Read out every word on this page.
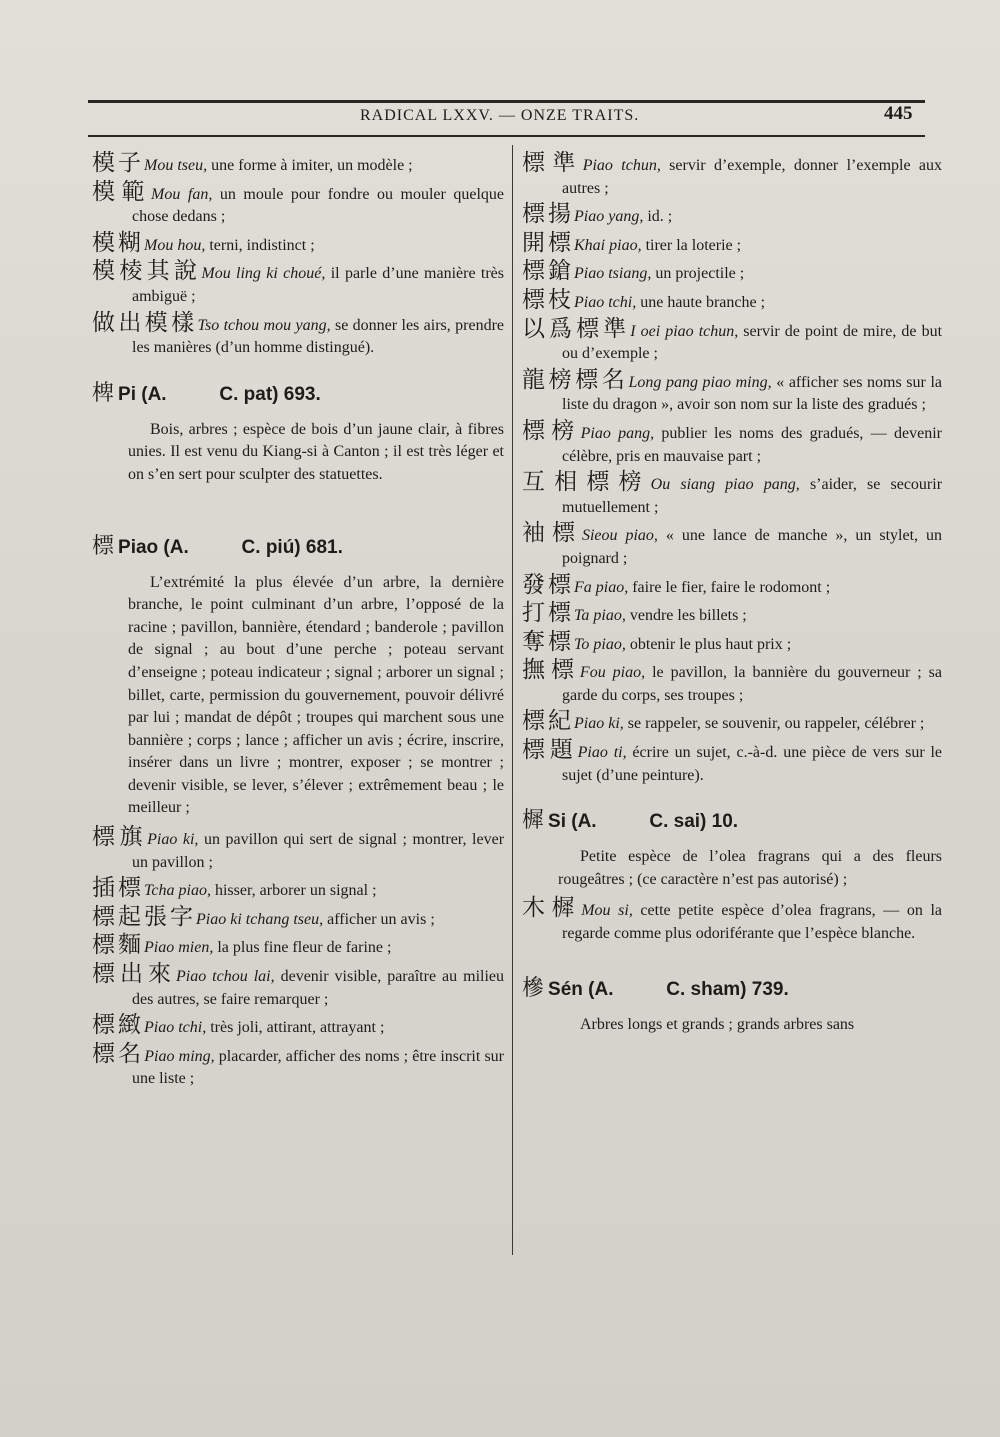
RADICAL LXXV. — ONZE TRAITS.	445
模子Mou tseu, une forme à imiter, un modèle ;
模範Mou fan, un moule pour fondre ou mouler quelque chose dedans ;
模糊Mou hou, terni, indistinct ;
模棱其說Mou ling ki choué, il parle d’une manière très ambiguë ;
做出模樣Tso tchou mou yang, se donner les airs, prendre les manières (d’un homme distingué).
椑 Pi (A.          C. pat) 693.
Bois, arbres ; espèce de bois d’un jaune clair, à fibres unies. Il est venu du Kiang-si à Canton ; il est très léger et on s’en sert pour sculpter des statuettes.
標 Piao (A.          C. piú) 681.
L’extrémité la plus élevée d’un arbre, la dernière branche, le point culminant d’un arbre, l’opposé de la racine ; pavillon, bannière, étendard ; banderole ; pavillon de signal ; au bout d’une perche ; poteau servant d’enseigne ; poteau indicateur ; signal ; arborer un signal ; billet, carte, permission du gouvernement, pouvoir délivré par lui ; mandat de dépôt ; troupes qui marchent sous une bannière ; corps ; lance ; afficher un avis ; écrire, inscrire, insérer dans un livre ; montrer, exposer ; se montrer ; devenir visible, se lever, s’élever ; extrêmement beau ; le meilleur ;
標旗Piao ki, un pavillon qui sert de signal ; montrer, lever un pavillon ;
插標Tcha piao, hisser, arborer un signal ;
標起張字Piao ki tchang tseu, afficher un avis ;
標麵Piao mien, la plus fine fleur de farine ;
標出來Piao tchou lai, devenir visible, paraître au milieu des autres, se faire remarquer ;
標緻Piao tchi, très joli, attirant, attrayant ;
標名Piao ming, placarder, afficher des noms ; être inscrit sur une liste ;
標準Piao tchun, servir d’exemple, donner l’exemple aux autres ;
標揚Piao yang, id. ;
開標Khai piao, tirer la loterie ;
標鎗Piao tsiang, un projectile ;
標枝Piao tchi, une haute branche ;
以爲標準I oei piao tchun, servir de point de mire, de but ou d’exemple ;
龍榜標名Long pang piao ming, « afficher ses noms sur la liste du dragon », avoir son nom sur la liste des gradués ;
標榜Piao pang, publier les noms des gradués, — devenir célèbre, pris en mauvaise part ;
互相標榜Ou siang piao pang, s’aider, se secourir mutuellement ;
袖標Sieou piao, « une lance de manche », un stylet, un poignard ;
發標Fa piao, faire le fier, faire le rodomont ;
打標Ta piao, vendre les billets ;
奪標To piao, obtenir le plus haut prix ;
撫標Fou piao, le pavillon, la bannière du gouverneur ; sa garde du corps, ses troupes ;
標紀Piao ki, se rappeler, se souvenir, ou rappeler, célébrer ;
標題Piao ti, écrire un sujet, c.-à-d. une pièce de vers sur le sujet (d’une peinture).
樨 Si (A.          C. sai) 10.
Petite espèce de l’olea fragrans qui a des fleurs rougeâtres ; (ce caractère n’est pas autorisé) ;
木樨Mou si, cette petite espèce d’olea fragrans, — on la regarde comme plus odoriférante que l’espèce blanche.
槮 Sén (A.          C. sham) 739.
Arbres longs et grands ; grands arbres sans
